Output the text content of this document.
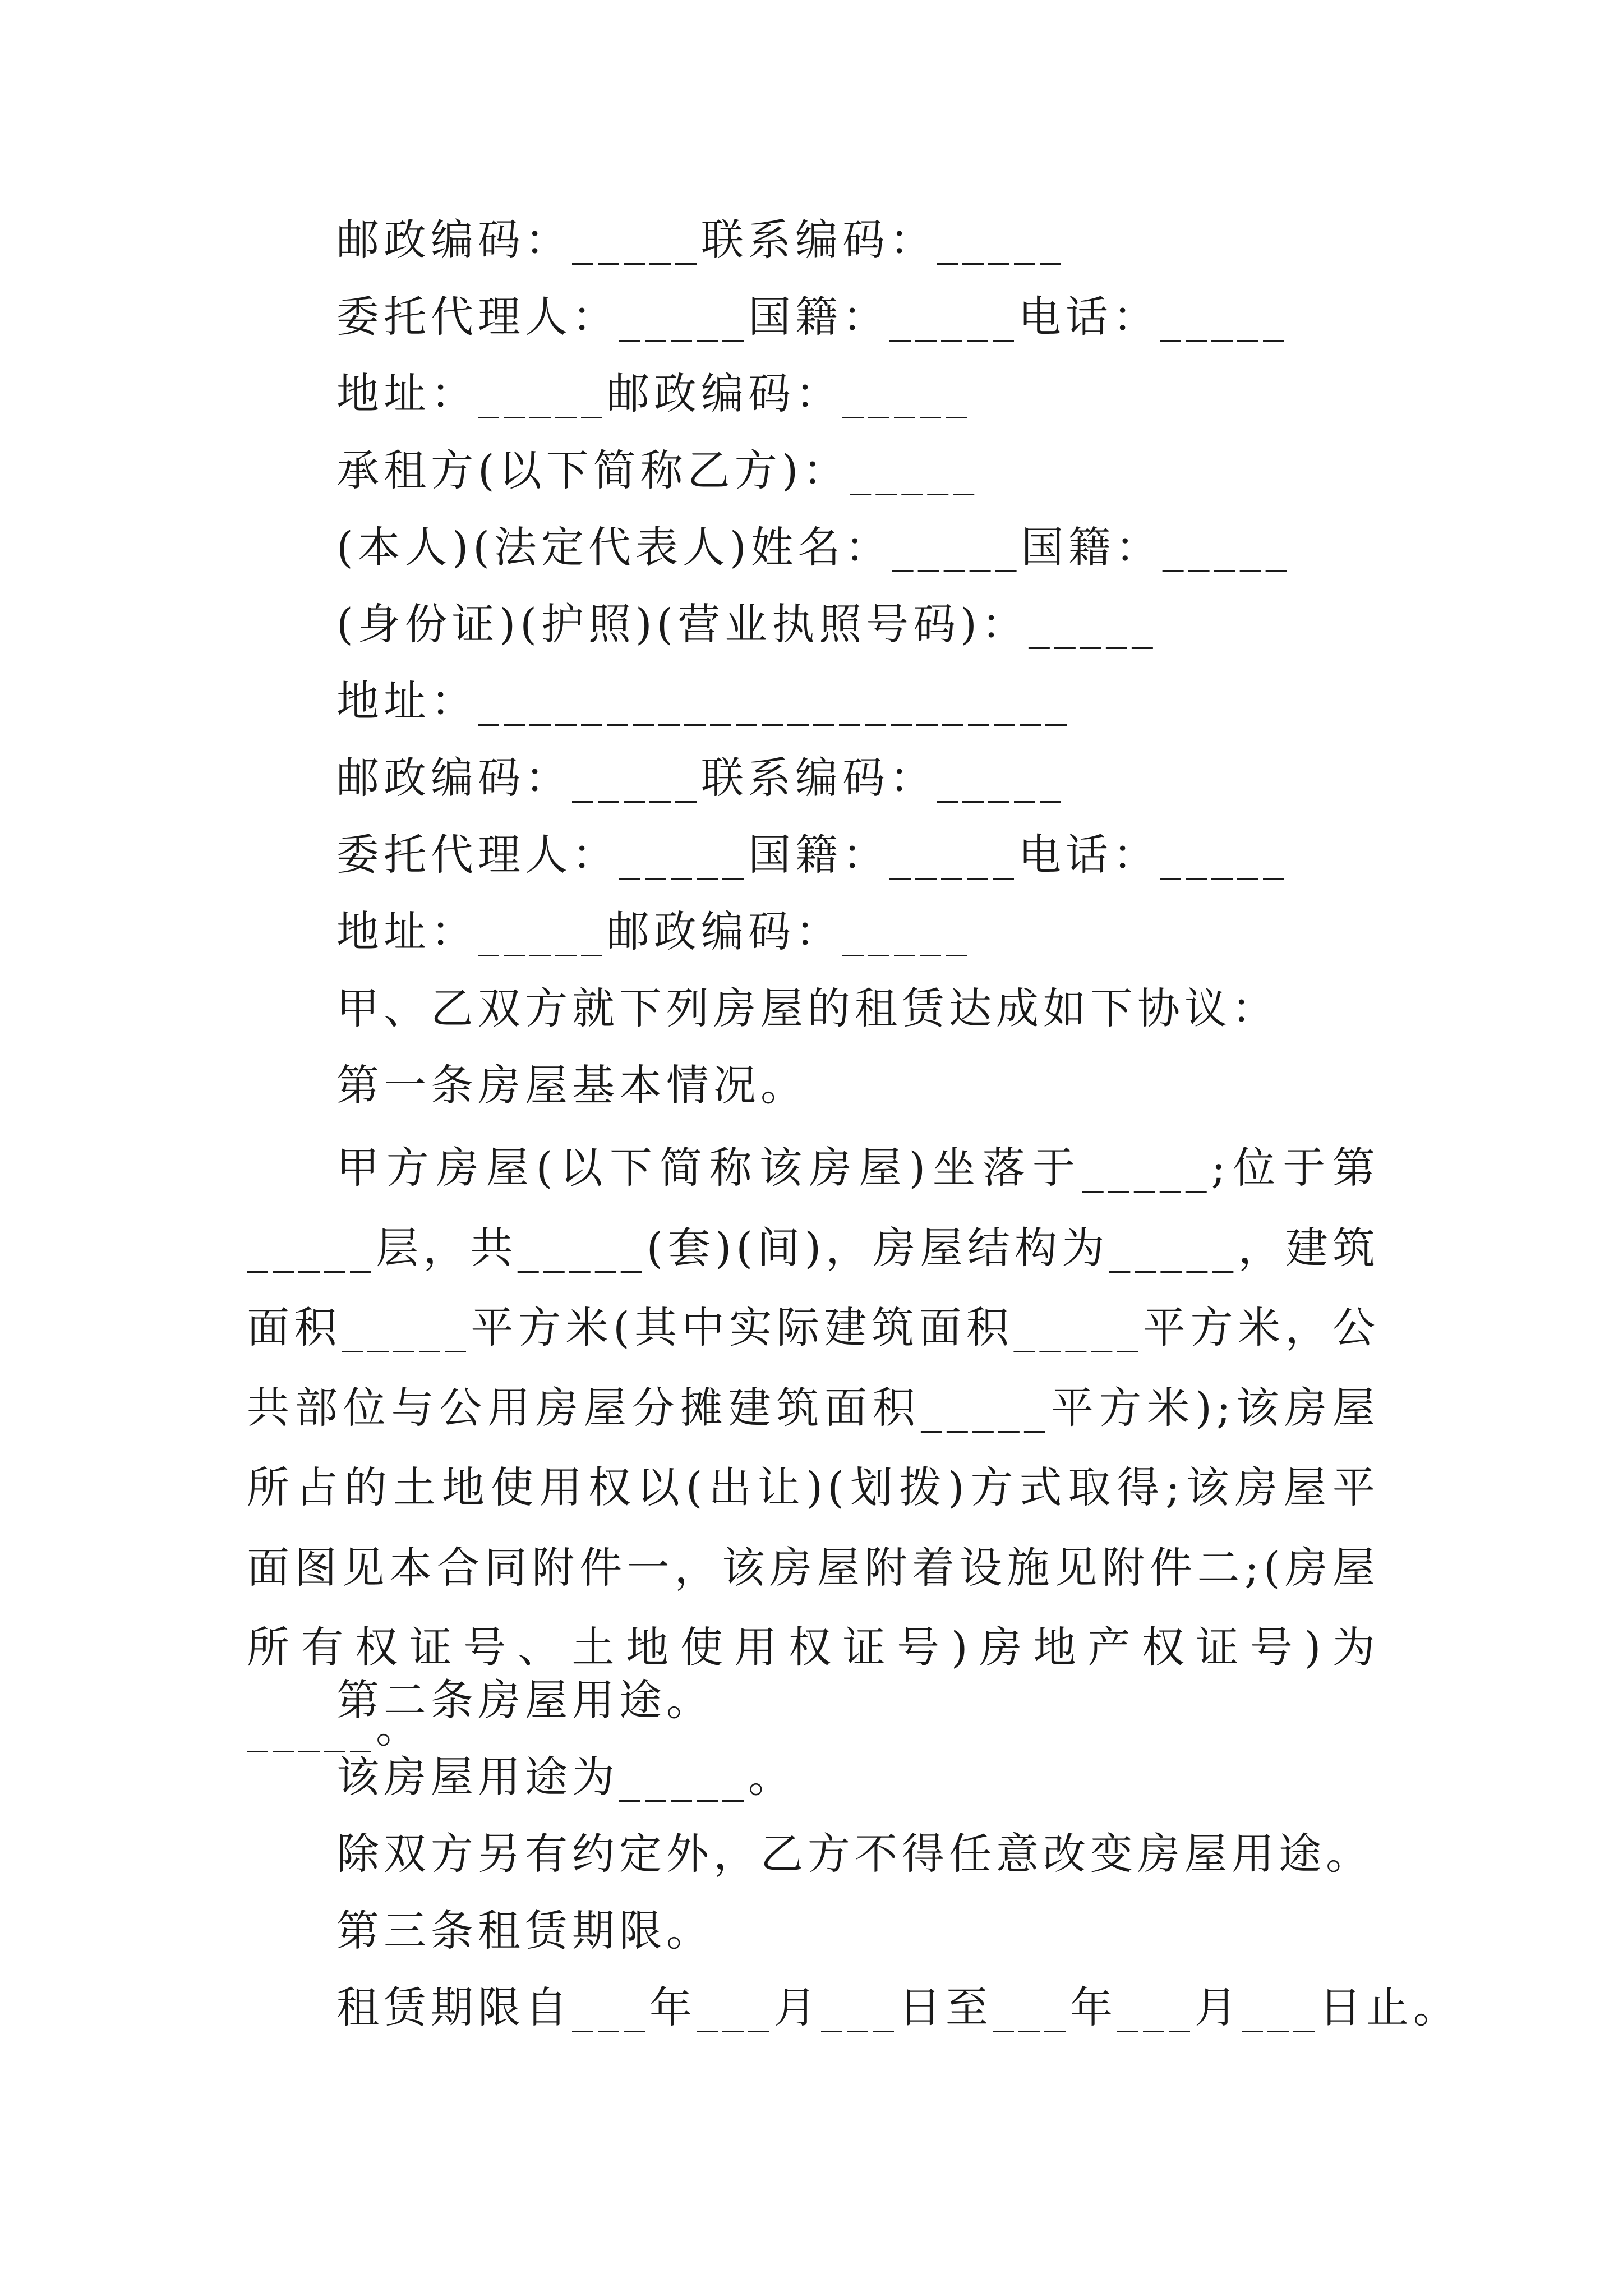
邮政编码：_____联系编码：_____
委托代理人：_____国籍：_____电话：_____
地址：_____邮政编码：_____
承租方(以下简称乙方)：_____
(本人)(法定代表人)姓名：_____国籍：_____
(身份证)(护照)(营业执照号码)：_____
地址：_______________________
邮政编码：_____联系编码：_____
委托代理人：_____国籍：_____电话：_____
地址：_____邮政编码：_____
甲、乙双方就下列房屋的租赁达成如下协议：
第一条房屋基本情况。

甲方房屋(以下简称该房屋)坐落于_____;位于第_____层，共_____(套)(间)，房屋结构为_____，建筑面积_____平方米(其中实际建筑面积_____平方米，公共部位与公用房屋分摊建筑面积_____平方米);该房屋所占的土地使用权以(出让)(划拨)方式取得;该房屋平面图见本合同附件一，该房屋附着设施见附件二;(房屋所有权证号、土地使用权证号)房地产权证号)为_____。

第二条房屋用途。
该房屋用途为_____。
除双方另有约定外，乙方不得任意改变房屋用途。
第三条租赁期限。
租赁期限自___年___月___日至___年___月___日止。
